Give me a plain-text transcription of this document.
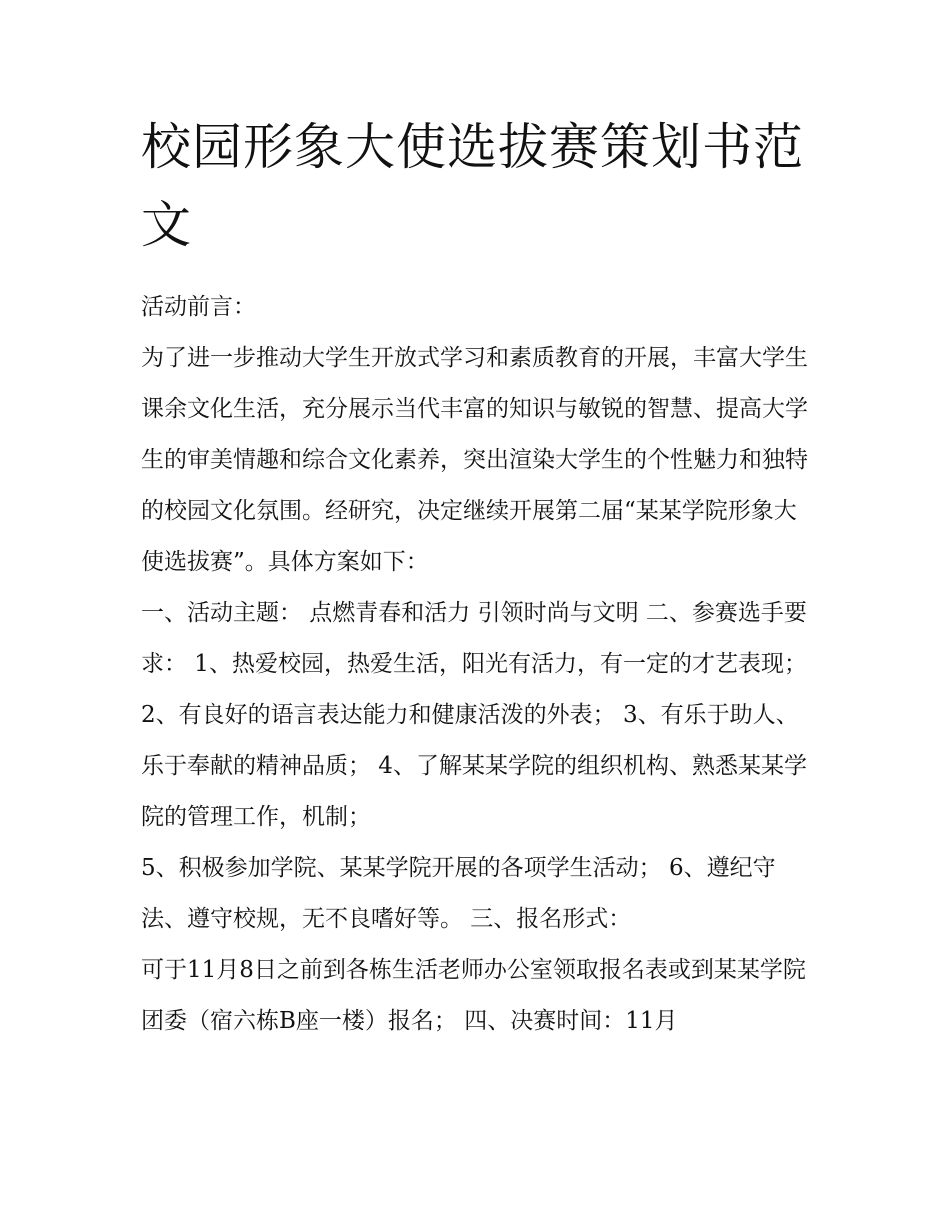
校园形象大使选拔赛策划书范文

活动前言：

为了进一步推动大学生开放式学习和素质教育的开展，丰富大学生课余文化生活，充分展示当代丰富的知识与敏锐的智慧、提高大学生的审美情趣和综合文化素养，突出渲染大学生的个性魅力和独特的校园文化氛围。经研究，决定继续开展第二届“某某学院形象大使选拔赛”。具体方案如下：

一、活动主题： 点燃青春和活力 引领时尚与文明 二、参赛选手要求： 1、热爱校园，热爱生活，阳光有活力，有一定的才艺表现；

2、有良好的语言表达能力和健康活泼的外表； 3、有乐于助人、乐于奉献的精神品质； 4、了解某某学院的组织机构、熟悉某某学院的管理工作，机制；

5、积极参加学院、某某学院开展的各项学生活动； 6、遵纪守法、遵守校规，无不良嗜好等。 三、报名形式：

可于11月8日之前到各栋生活老师办公室领取报名表或到某某学院团委（宿六栋B座一楼）报名； 四、决赛时间：11月
